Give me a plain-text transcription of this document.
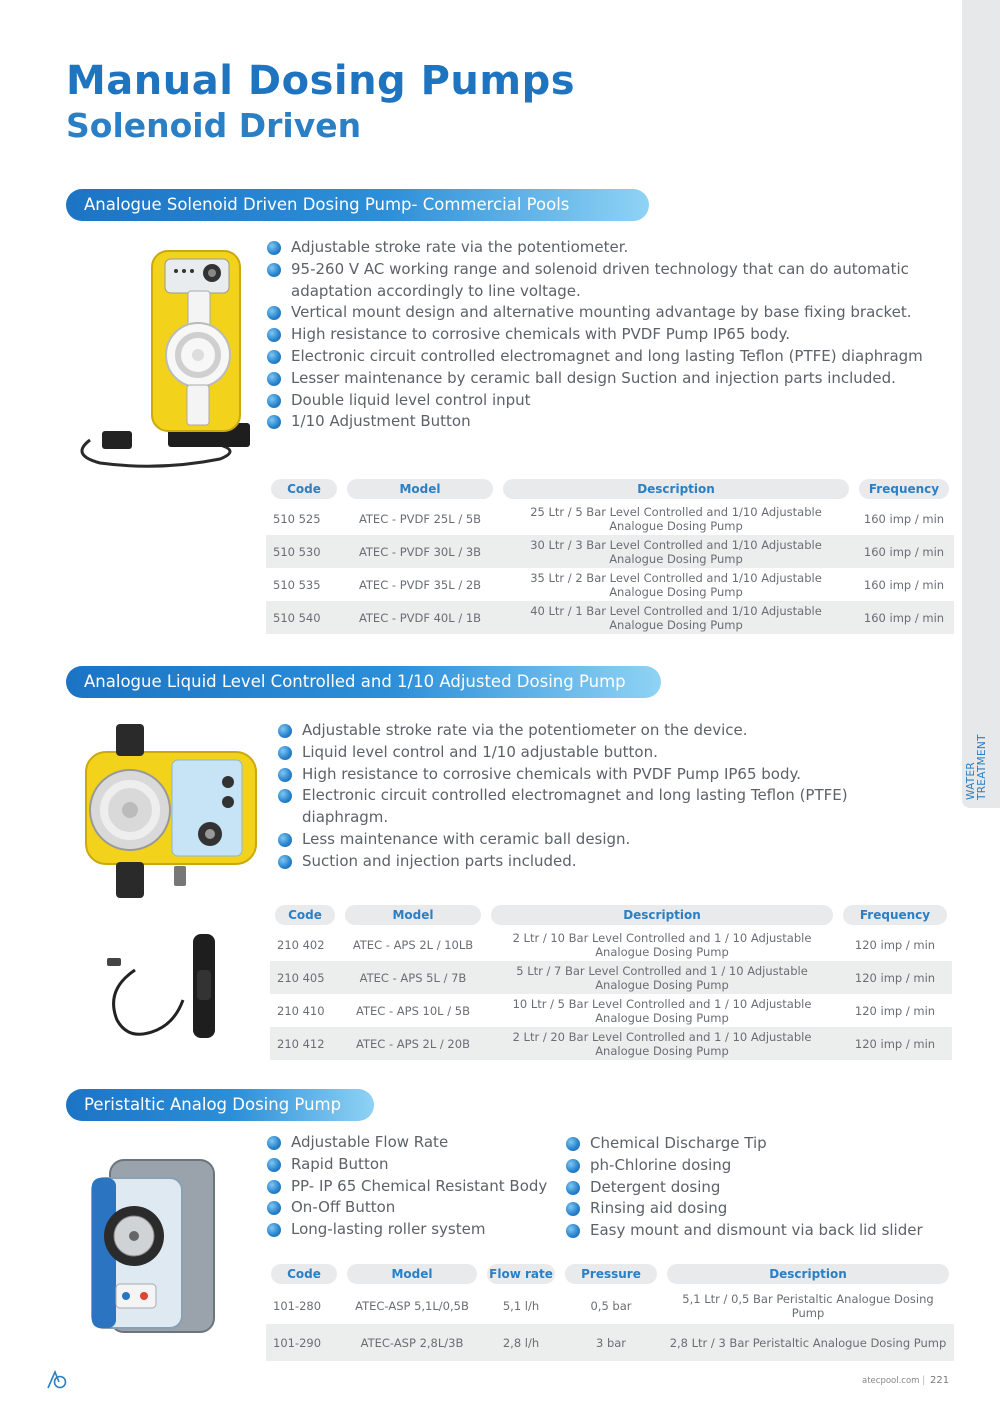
WATER TREATMENT
Manual Dosing Pumps
Solenoid Driven
Analogue Solenoid Driven Dosing Pump- Commercial Pools
Adjustable stroke rate via the potentiometer.
95-260 V AC working range and solenoid driven technology that can do automatic adaptation accordingly to line voltage.
Vertical mount design and alternative mounting advantage by base fixing bracket.
High resistance to corrosive chemicals with PVDF Pump IP65 body.
Electronic circuit controlled electromagnet and long lasting Teflon (PTFE) diaphragm
Lesser maintenance by ceramic ball design Suction and injection parts included.
Double liquid level control input
1/10 Adjustment Button
Code	Model	Description	Frequency

510 525	ATEC - PVDF 25L / 5B	25 Ltr / 5 Bar Level Controlled and 1/10 Adjustable Analogue Dosing Pump	160 imp / min
510 530	ATEC - PVDF 30L / 3B	30 Ltr / 3 Bar Level Controlled and 1/10 Adjustable Analogue Dosing Pump	160 imp / min
510 535	ATEC - PVDF 35L / 2B	35 Ltr / 2 Bar Level Controlled and 1/10 Adjustable Analogue Dosing Pump	160 imp / min
510 540	ATEC - PVDF 40L / 1B	40 Ltr / 1 Bar Level Controlled and 1/10 Adjustable Analogue Dosing Pump	160 imp / min
Analogue Liquid Level Controlled and 1/10 Adjusted Dosing Pump
Adjustable stroke rate via the potentiometer on the device.
Liquid level control and 1/10 adjustable button.
High resistance to corrosive chemicals with PVDF Pump IP65 body.
Electronic circuit controlled electromagnet and long lasting Teflon (PTFE) diaphragm.
Less maintenance with ceramic ball design.
Suction and injection parts included.
Code	Model	Description	Frequency

210 402	ATEC - APS 2L / 10LB	2 Ltr / 10 Bar Level Controlled and 1 / 10 Adjustable Analogue Dosing Pump	120 imp / min
210 405	ATEC - APS 5L / 7B	5 Ltr / 7 Bar Level Controlled and 1 / 10 Adjustable Analogue Dosing Pump	120 imp / min
210 410	ATEC - APS 10L / 5B	10 Ltr / 5 Bar Level Controlled and 1 / 10 Adjustable Analogue Dosing Pump	120 imp / min
210 412	ATEC - APS 2L / 20B	2 Ltr / 20 Bar Level Controlled and 1 / 10 Adjustable Analogue Dosing Pump	120 imp / min
Peristaltic Analog Dosing Pump
Adjustable Flow Rate
Rapid Button
PP- IP 65 Chemical Resistant Body
On-Off Button
Long-lasting roller system
Chemical Discharge Tip
ph-Chlorine dosing
Detergent dosing
Rinsing aid dosing
Easy mount and dismount via back lid slider
Code	Model	Flow rate	Pressure	Description

101-280	ATEC-ASP 5,1L/0,5B	5,1 l/h	0,5 bar	5,1 Ltr / 0,5 Bar Peristaltic Analogue Dosing Pump
101-290	ATEC-ASP 2,8L/3B	2,8 l/h	3 bar	2,8 Ltr / 3 Bar Peristaltic Analogue Dosing Pump
atecpool.com | 221
